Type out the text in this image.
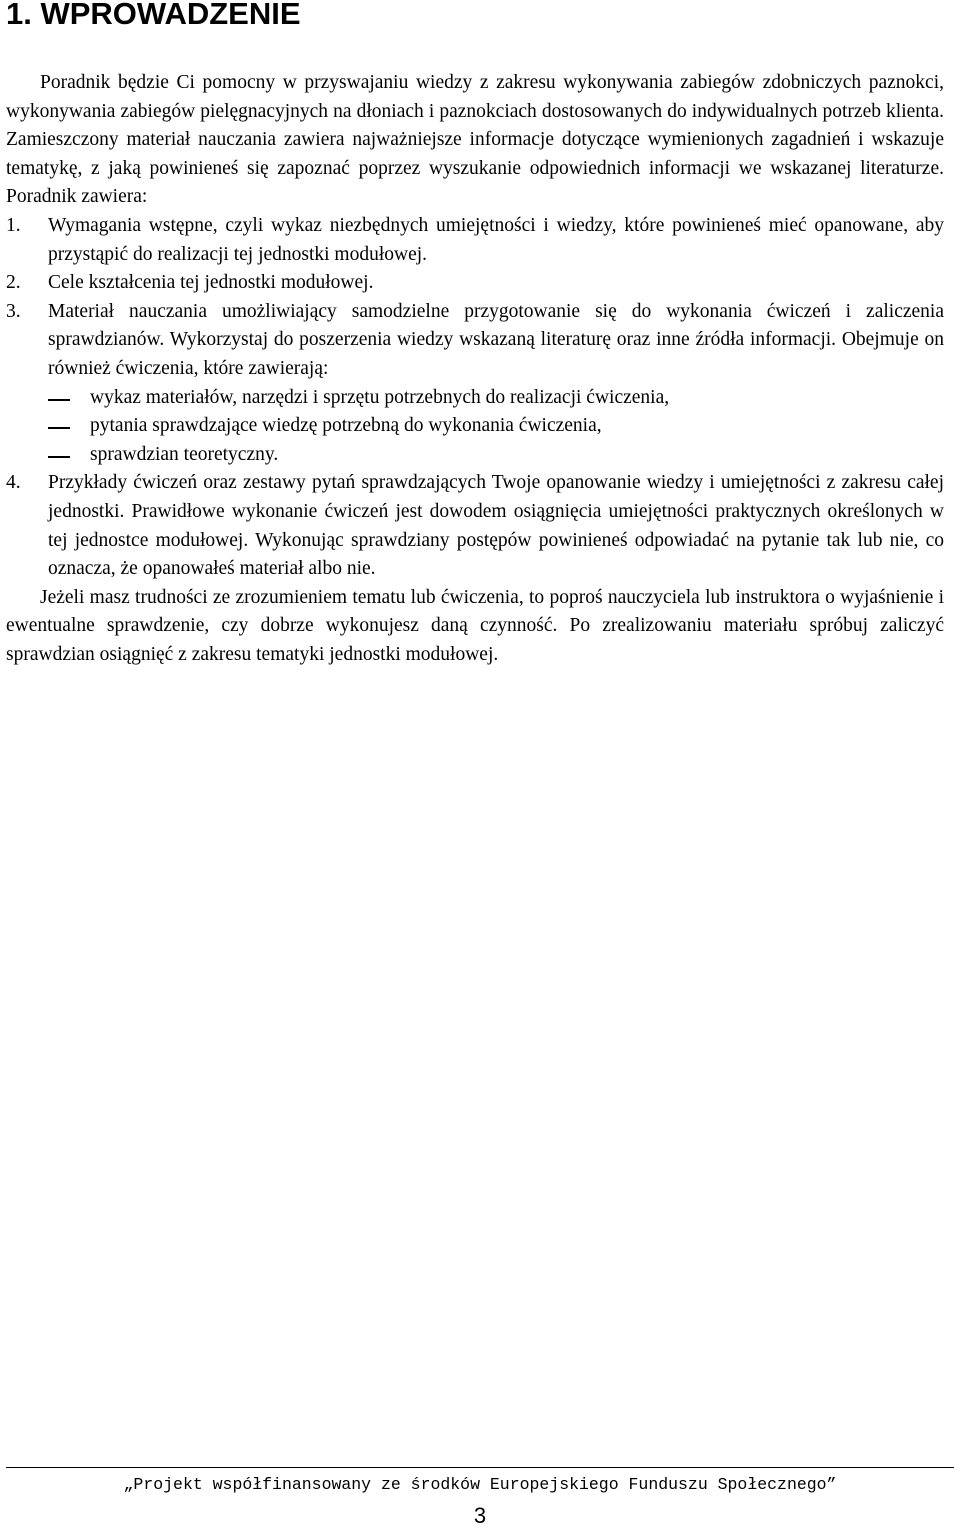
1. WPROWADZENIE

Poradnik będzie Ci pomocny w przyswajaniu wiedzy z zakresu wykonywania zabiegów zdobniczych paznokci, wykonywania zabiegów pielęgnacyjnych na dłoniach i paznokciach dostosowanych do indywidualnych potrzeb klienta. Zamieszczony materiał nauczania zawiera najważniejsze informacje dotyczące wymienionych zagadnień i wskazuje tematykę, z jaką powinieneś się zapoznać poprzez wyszukanie odpowiednich informacji we wskazanej literaturze. Poradnik zawiera:

1.	Wymagania wstępne, czyli wykaz niezbędnych umiejętności i wiedzy, które powinieneś mieć opanowane, aby przystąpić do realizacji tej jednostki modułowej.
2.	Cele kształcenia tej jednostki modułowej.
3.	Materiał nauczania umożliwiający samodzielne przygotowanie się do wykonania ćwiczeń i zaliczenia sprawdzianów. Wykorzystaj do poszerzenia wiedzy wskazaną literaturę oraz inne źródła informacji. Obejmuje on również ćwiczenia, które zawierają:
wykaz materiałów, narzędzi i sprzętu potrzebnych do realizacji ćwiczenia,
pytania sprawdzające wiedzę potrzebną do wykonania ćwiczenia,
sprawdzian teoretyczny.
4.	Przykłady ćwiczeń oraz zestawy pytań sprawdzających Twoje opanowanie wiedzy i umiejętności z zakresu całej jednostki. Prawidłowe wykonanie ćwiczeń jest dowodem osiągnięcia umiejętności praktycznych określonych w tej jednostce modułowej. Wykonując sprawdziany postępów powinieneś odpowiadać na pytanie tak lub nie, co oznacza, że opanowałeś materiał albo nie.

Jeżeli masz trudności ze zrozumieniem tematu lub ćwiczenia, to poproś nauczyciela lub instruktora o wyjaśnienie i ewentualne sprawdzenie, czy dobrze wykonujesz daną czynność. Po zrealizowaniu materiału spróbuj zaliczyć sprawdzian osiągnięć z zakresu tematyki jednostki modułowej.

„Projekt współfinansowany ze środków Europejskiego Funduszu Społecznego”
3
